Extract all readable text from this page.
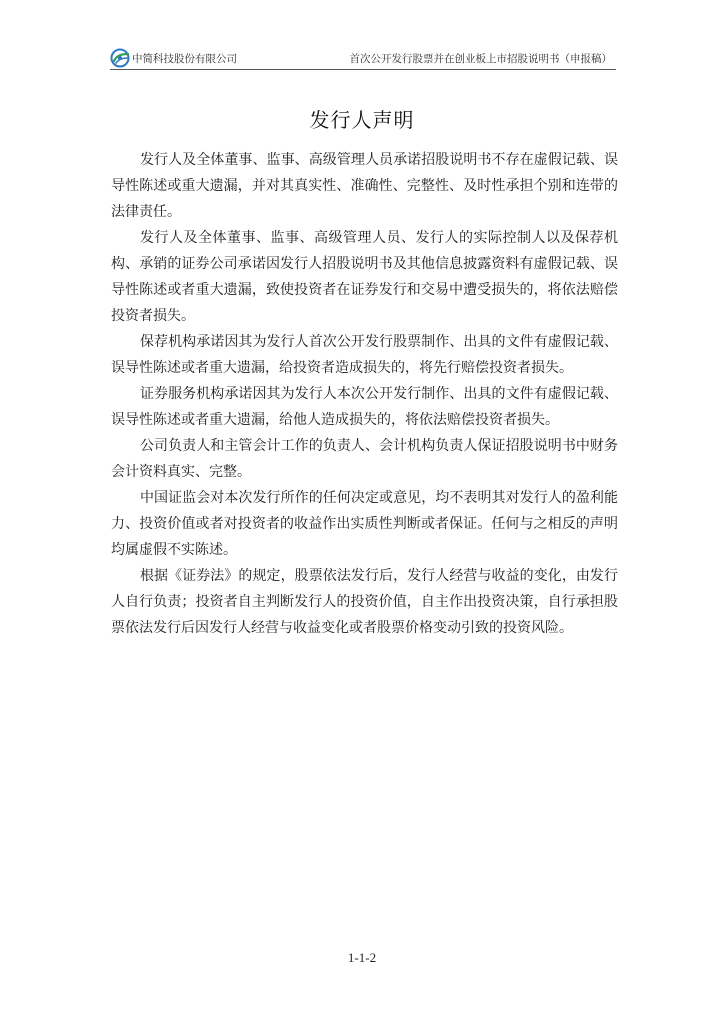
中简科技股份有限公司	首次公开发行股票并在创业板上市招股说明书（申报稿）
发行人声明

发行人及全体董事、监事、高级管理人员承诺招股说明书不存在虚假记载、误导性陈述或重大遗漏，并对其真实性、准确性、完整性、及时性承担个别和连带的法律责任。

发行人及全体董事、监事、高级管理人员、发行人的实际控制人以及保荐机构、承销的证券公司承诺因发行人招股说明书及其他信息披露资料有虚假记载、误导性陈述或者重大遗漏，致使投资者在证券发行和交易中遭受损失的，将依法赔偿投资者损失。

保荐机构承诺因其为发行人首次公开发行股票制作、出具的文件有虚假记载、误导性陈述或者重大遗漏，给投资者造成损失的，将先行赔偿投资者损失。

证券服务机构承诺因其为发行人本次公开发行制作、出具的文件有虚假记载、误导性陈述或者重大遗漏，给他人造成损失的，将依法赔偿投资者损失。

公司负责人和主管会计工作的负责人、会计机构负责人保证招股说明书中财务会计资料真实、完整。

中国证监会对本次发行所作的任何决定或意见，均不表明其对发行人的盈利能力、投资价值或者对投资者的收益作出实质性判断或者保证。任何与之相反的声明均属虚假不实陈述。

根据《证券法》的规定，股票依法发行后，发行人经营与收益的变化，由发行人自行负责；投资者自主判断发行人的投资价值，自主作出投资决策，自行承担股票依法发行后因发行人经营与收益变化或者股票价格变动引致的投资风险。

1-1-2
